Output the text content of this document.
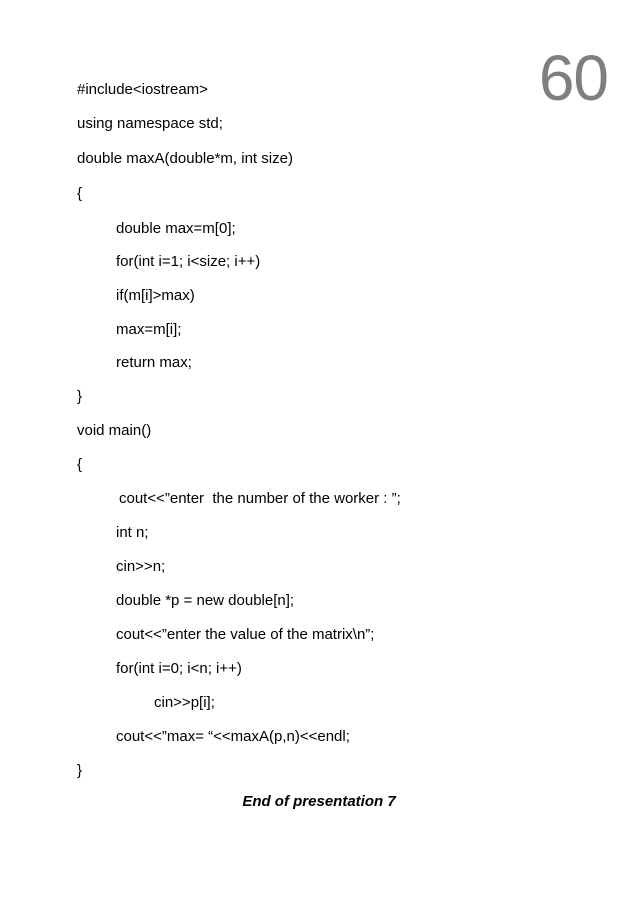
60
#include<iostream>
using namespace std;
double maxA(double*m, int size)
{
double max=m[0];
for(int i=1; i<size; i++)
if(m[i]>max)
max=m[i];
return max;
}
void main()
{
cout<<”enter  the number of the worker : ”;
int n;
cin>>n;
double *p = new double[n];
cout<<”enter the value of the matrix\n”;
for(int i=0; i<n; i++)
cin>>p[i];
cout<<”max= “<<maxA(p,n)<<endl;
}
End of presentation 7
